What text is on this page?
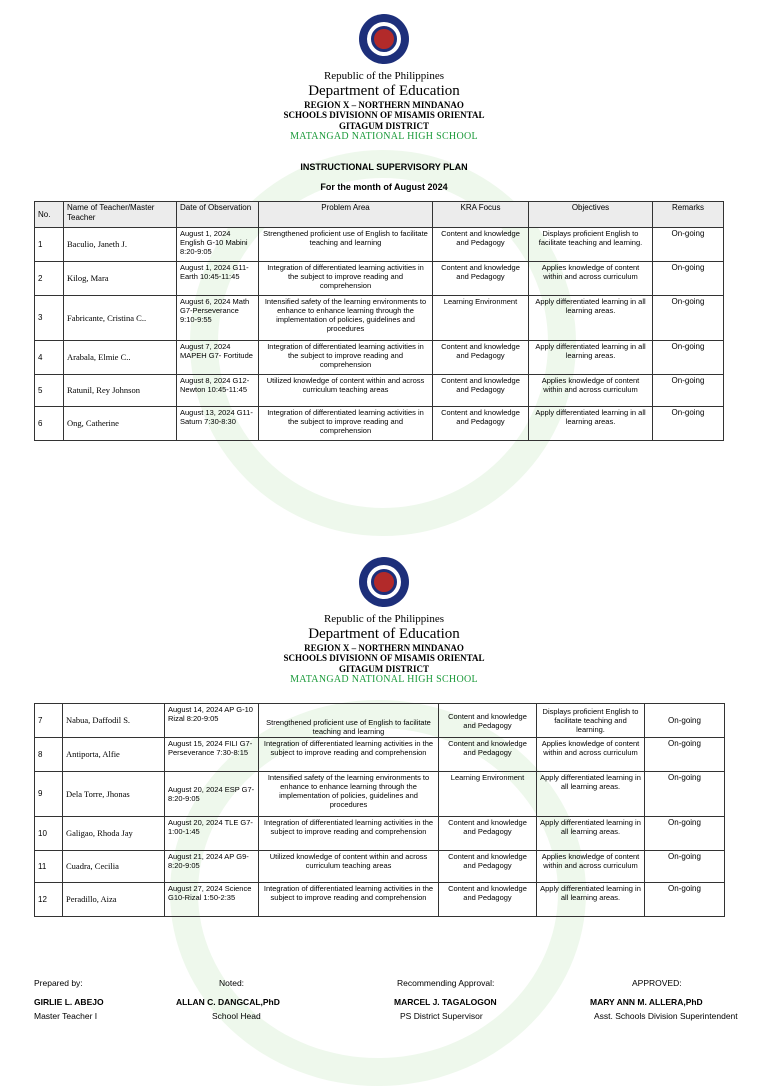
Republic of the Philippines
Department of Education
REGION X – NORTHERN MINDANAO
SCHOOLS DIVISIONN OF MISAMIS ORIENTAL
GITAGUM DISTRICT
MATANGAD NATIONAL HIGH SCHOOL
INSTRUCTIONAL SUPERVISORY PLAN
For the month of August 2024
No.	Name of Teacher/Master Teacher	Date of Observation	Problem Area	KRA Focus	Objectives	Remarks
1	Baculio, Janeth J.	August 1, 2024 English G-10 Mabini 8:20-9:05	Strengthened proficient use of English to facilitate teaching and learning	Content and knowledge and Pedagogy	Displays proficient English to facilitate teaching and learning.	On-going
2	Kilog, Mara	August 1, 2024 G11-Earth 10:45-11:45	Integration of differentiated learning activities in the subject to improve reading and comprehension	Content and knowledge and Pedagogy	Applies knowledge of content within and across curriculum	On-going
3	Fabricante, Cristina C..	August 6, 2024 Math G7-Perseverance 9:10-9:55	Intensified safety of the learning environments to enhance to enhance learning through the implementation of policies, guidelines and procedures	Learning Environment	Apply differentiated learning in all learning areas.	On-going
4	Arabala, Elmie C..	August 7, 2024 MAPEH G7- Fortitude	Integration of differentiated learning activities in the subject to improve reading and comprehension	Content and knowledge and Pedagogy	Apply differentiated learning in all learning areas.	On-going
5	Ratunil, Rey Johnson	August 8, 2024 G12-Newton 10:45-11:45	Utilized knowledge of content within and across curriculum teaching areas	Content and knowledge and Pedagogy	Applies knowledge of content within and across curriculum	On-going
6	Ong, Catherine	August 13, 2024 G11-Saturn 7:30-8:30	Integration of differentiated learning activities in the subject to improve reading and comprehension	Content and knowledge and Pedagogy	Apply differentiated learning in all learning areas.	On-going
Republic of the Philippines
Department of Education
REGION X – NORTHERN MINDANAO
SCHOOLS DIVISIONN OF MISAMIS ORIENTAL
GITAGUM DISTRICT
MATANGAD NATIONAL HIGH SCHOOL
7	Nabua, Daffodil S.	August 14, 2024 AP G-10 Rizal 8:20-9:05	Strengthened proficient use of English to facilitate teaching and learning	Content and knowledge and Pedagogy	Displays proficient English to facilitate teaching and learning.	On-going
8	Antiporta, Alfie	August 15, 2024 FILI G7-Perseverance 7:30-8:15	Integration of differentiated learning activities in the subject to improve reading and comprehension	Content and knowledge and Pedagogy	Applies knowledge of content within and across curriculum	On-going
9	Dela Torre, Jhonas	August 20, 2024 ESP G7- 8:20-9:05	Intensified safety of the learning environments to enhance to enhance learning through the implementation of policies, guidelines and procedures	Learning Environment	Apply differentiated learning in all learning areas.	On-going
10	Galigao, Rhoda Jay	August 20, 2024 TLE G7- 1:00-1:45	Integration of differentiated learning activities in the subject to improve reading and comprehension	Content and knowledge and Pedagogy	Apply differentiated learning in all learning areas.	On-going
11	Cuadra, Cecilia	August 21, 2024 AP G9- 8:20-9:05	Utilized knowledge of content within and across curriculum teaching areas	Content and knowledge and Pedagogy	Applies knowledge of content within and across curriculum	On-going
12	Peradillo, Aiza	August 27, 2024 Science G10-Rizal 1:50-2:35	Integration of differentiated learning activities in the subject to improve reading and comprehension	Content and knowledge and Pedagogy	Apply differentiated learning in all learning areas.	On-going
Prepared by:	Noted:	Recommending Approval:	APPROVED:
GIRLIE L. ABEJO	ALLAN C. DANGCAL,PhD	MARCEL J. TAGALOGON	MARY ANN M. ALLERA,PhD
Master Teacher I	School Head	PS District Supervisor	Asst. Schools Division Superintendent
